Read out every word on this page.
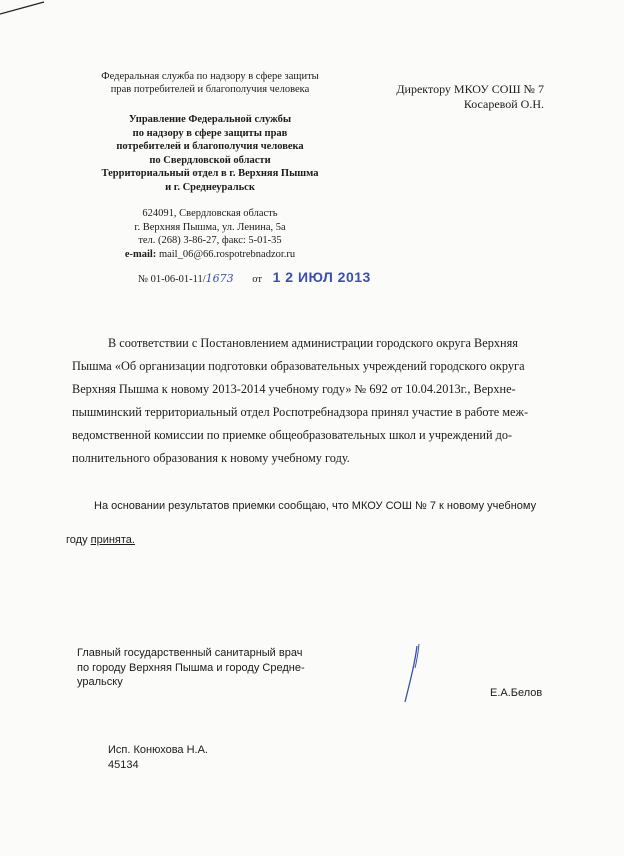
Федеральная служба по надзору в сфере защиты
прав потребителей и благополучия человека
Управление Федеральной службы
по надзору в сфере защиты прав
потребителей и благополучия человека
по Свердловской области
Территориальный отдел в г. Верхняя Пышма
и г. Среднеуральск
624091, Свердловская область
г. Верхняя Пышма, ул. Ленина, 5а
тел. (268) 3-86-27, факс: 5-01-35
e-mail: mail_06@66.rospotrebnadzor.ru
№ 01-06-01-11/1673 от 1 2 ИЮЛ 2013
Директору МКОУ СОШ № 7
Косаревой О.Н.
В соответствии с Постановлением администрации городского округа Верхняя
Пышма «Об организации подготовки образовательных учреждений городского округа
Верхняя Пышма к новому 2013-2014 учебному году» № 692 от 10.04.2013г., Верхне-
пышминский территориальный отдел Роспотребнадзора принял участие в работе меж-
ведомственной комиссии по приемке общеобразовательных школ и учреждений до-
полнительного образования к новому учебному году.
На основании результатов приемки сообщаю, что МКОУ СОШ № 7 к новому учебному
году принята.
Главный государственный санитарный врач
по городу Верхняя Пышма и городу Средне-
уральску
Е.А.Белов
Исп. Конюхова Н.А.
45134
